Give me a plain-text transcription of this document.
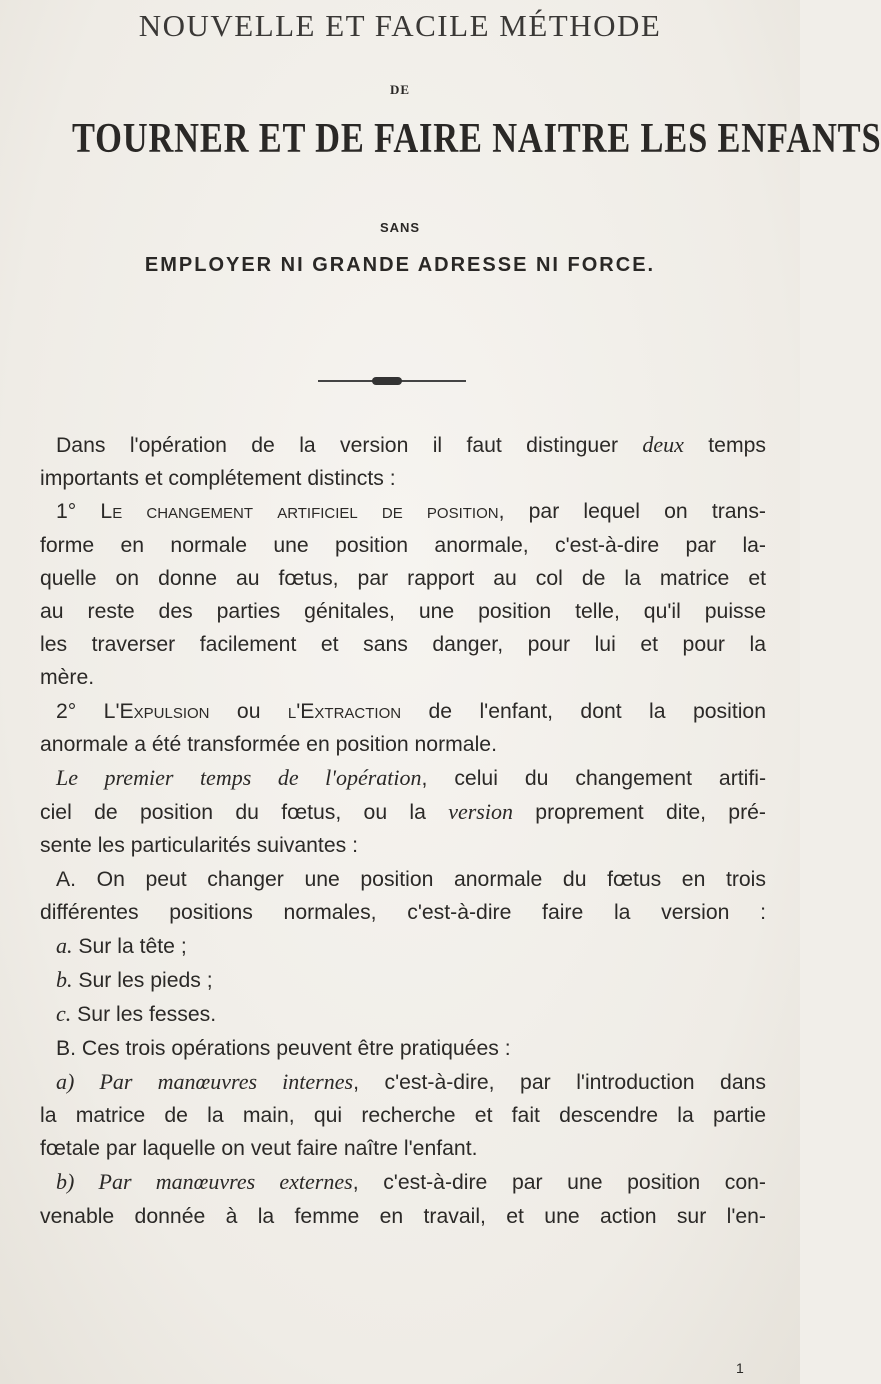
NOUVELLE ET FACILE MÉTHODE
DE
TOURNER ET DE FAIRE NAITRE LES ENFANTS
SANS
EMPLOYER NI GRANDE ADRESSE NI FORCE.
Dans l'opération de la version il faut distinguer deux temps
importants et complétement distincts :
1° Le changement artificiel de position, par lequel on trans-
forme en normale une position anormale, c'est-à-dire par la-
quelle on donne au fœtus, par rapport au col de la matrice et
au reste des parties génitales, une position telle, qu'il puisse
les traverser facilement et sans danger, pour lui et pour la
mère.
2° L'Expulsion ou l'Extraction de l'enfant, dont la position
anormale a été transformée en position normale.
Le premier temps de l'opération, celui du changement artifi-
ciel de position du fœtus, ou la version proprement dite, pré-
sente les particularités suivantes :
A. On peut changer une position anormale du fœtus en trois
différentes positions normales, c'est-à-dire faire la version :
a. Sur la tête ;
b. Sur les pieds ;
c. Sur les fesses.
B. Ces trois opérations peuvent être pratiquées :
a) Par manœuvres internes, c'est-à-dire, par l'introduction dans
la matrice de la main, qui recherche et fait descendre la partie
fœtale par laquelle on veut faire naître l'enfant.
b) Par manœuvres externes, c'est-à-dire par une position con-
venable donnée à la femme en travail, et une action sur l'en-
1
